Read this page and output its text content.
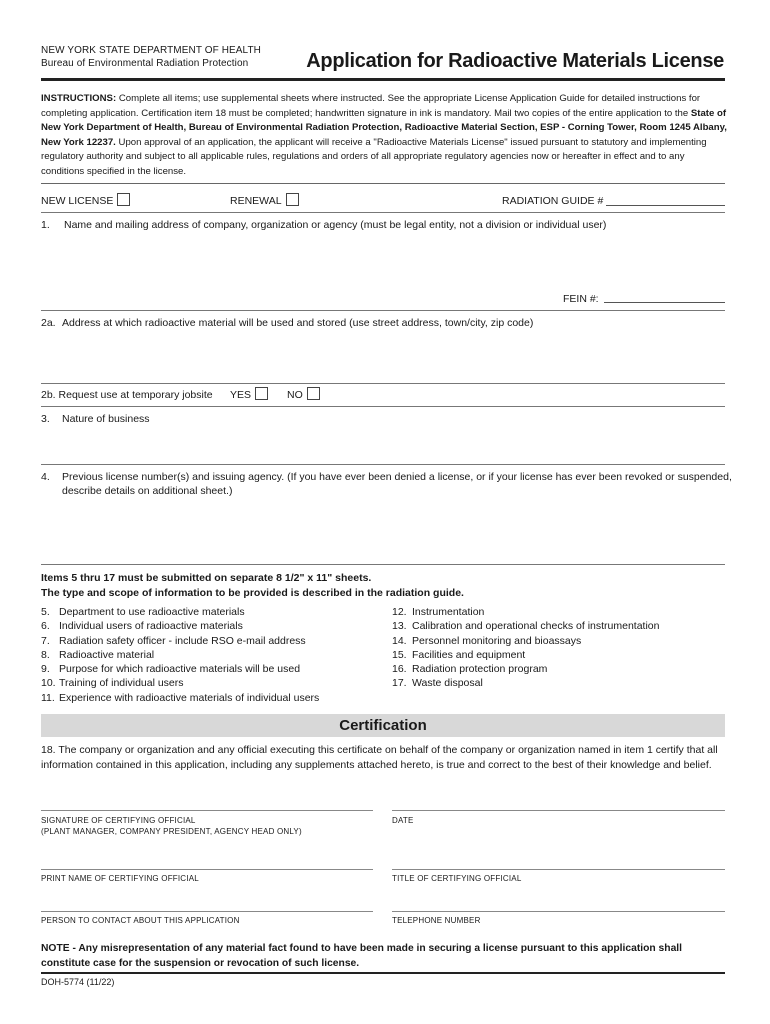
NEW YORK STATE DEPARTMENT OF HEALTH
Bureau of Environmental Radiation Protection	Application for Radioactive Materials License
INSTRUCTIONS: Complete all items; use supplemental sheets where instructed. See the appropriate License Application Guide for detailed instructions for completing application. Certification item 18 must be completed; handwritten signature in ink is mandatory. Mail two copies of the entire application to the State of New York Department of Health, Bureau of Environmental Radiation Protection, Radioactive Material Section, ESP - Corning Tower, Room 1245 Albany, New York 12237. Upon approval of an application, the applicant will receive a "Radioactive Materials License" issued pursuant to statutory and implementing regulatory authority and subject to all applicable rules, regulations and orders of all appropriate regulatory agencies now or hereafter in effect and to any conditions specified in the license.
NEW LICENSE	RENEWAL	RADIATION GUIDE #
1. Name and mailing address of company, organization or agency (must be legal entity, not a division or individual user)
FEIN #:
2a. Address at which radioactive material will be used and stored (use street address, town/city, zip code)
2b. Request use at temporary jobsite YES	NO
3. Nature of business
4. Previous license number(s) and issuing agency. (If you have ever been denied a license, or if your license has ever been revoked or suspended,
describe details on additional sheet.)
Items 5 thru 17 must be submitted on separate 8 1/2" x 11" sheets.
The type and scope of information to be provided is described in the radiation guide.
5. Department to use radioactive materials
6. Individual users of radioactive materials
7. Radiation safety officer - include RSO e-mail address
8. Radioactive material
9. Purpose for which radioactive materials will be used
10. Training of individual users
11. Experience with radioactive materials of individual users
12. Instrumentation
13. Calibration and operational checks of instrumentation
14. Personnel monitoring and bioassays
15. Facilities and equipment
16. Radiation protection program
17. Waste disposal
Certification
18. The company or organization and any official executing this certificate on behalf of the company or organization named in item 1 certify that all information contained in this application, including any supplements attached hereto, is true and correct to the best of their knowledge and belief.
SIGNATURE OF CERTIFYING OFFICIAL
(PLANT MANAGER, COMPANY PRESIDENT, AGENCY HEAD ONLY)
DATE
PRINT NAME OF CERTIFYING OFFICIAL	TITLE OF CERTIFYING OFFICIAL
PERSON TO CONTACT ABOUT THIS APPLICATION	TELEPHONE NUMBER
NOTE - Any misrepresentation of any material fact found to have been made in securing a license pursuant to this application shall constitute case for the suspension or revocation of such license.
DOH-5774 (11/22)
